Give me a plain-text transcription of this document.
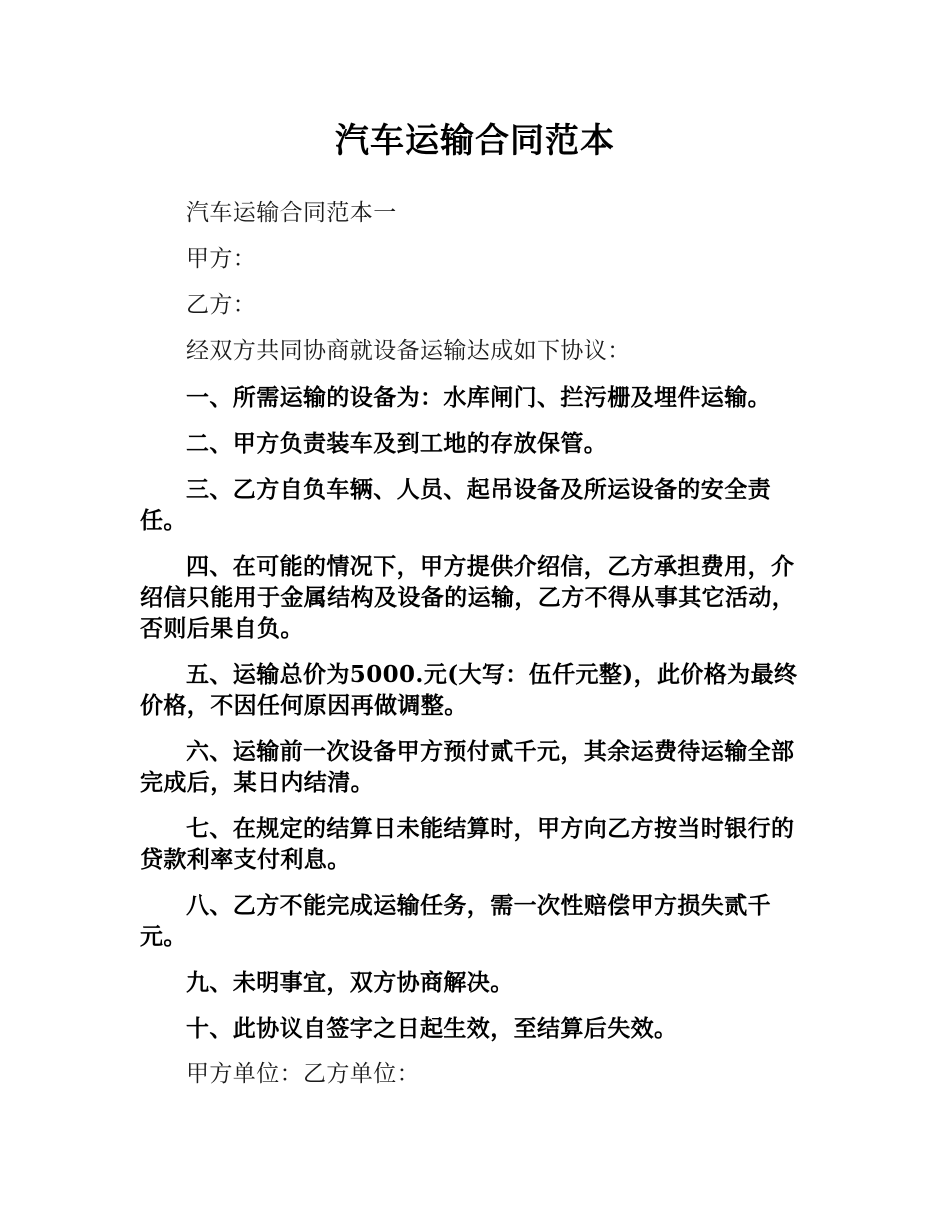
汽车运输合同范本

汽车运输合同范本一

甲方：

乙方：

经双方共同协商就设备运输达成如下协议：

一、所需运输的设备为：水库闸门、拦污栅及埋件运输。

二、甲方负责装车及到工地的存放保管。

三、乙方自负车辆、人员、起吊设备及所运设备的安全责任。

四、在可能的情况下，甲方提供介绍信，乙方承担费用，介绍信只能用于金属结构及设备的运输，乙方不得从事其它活动，否则后果自负。

五、运输总价为5000.元(大写：伍仟元整)，此价格为最终价格，不因任何原因再做调整。

六、运输前一次设备甲方预付贰千元，其余运费待运输全部完成后，某日内结清。

七、在规定的结算日未能结算时，甲方向乙方按当时银行的贷款利率支付利息。

八、乙方不能完成运输任务，需一次性赔偿甲方损失贰千元。

九、未明事宜，双方协商解决。

十、此协议自签字之日起生效，至结算后失效。

甲方单位：乙方单位：
